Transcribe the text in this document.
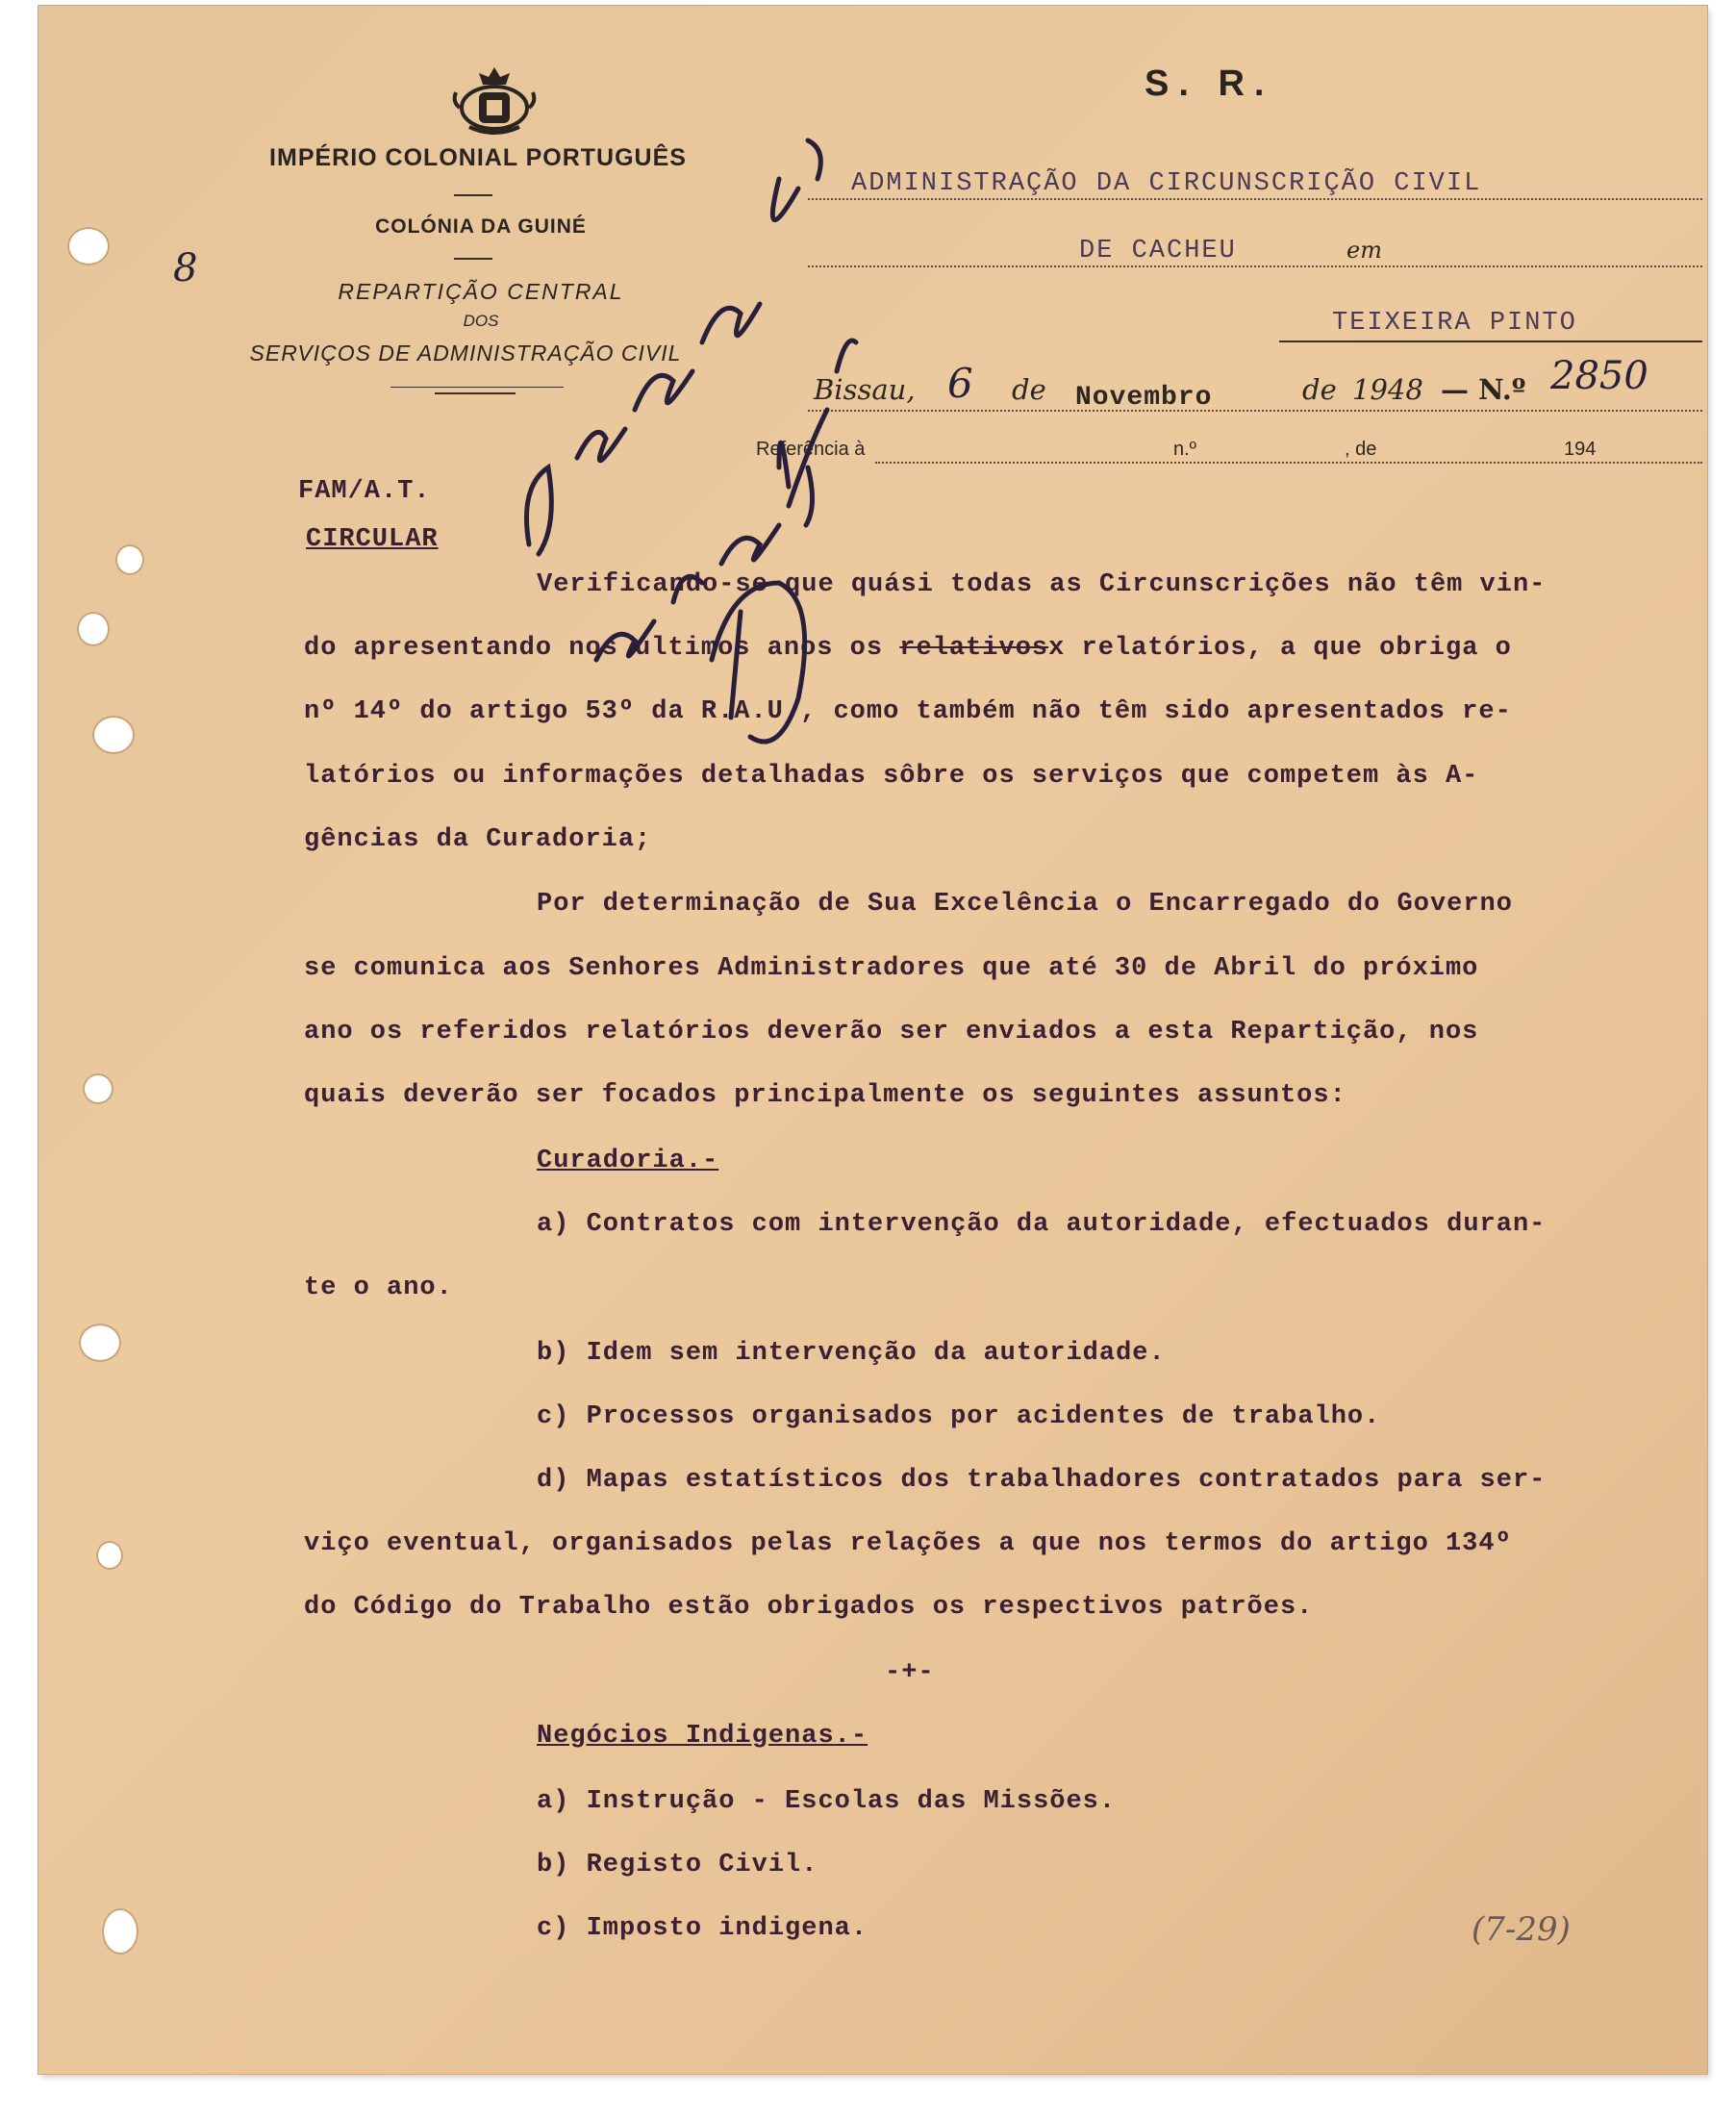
IMPÉRIO COLONIAL PORTUGUÊS
COLÓNIA DA GUINÉ
REPARTIÇÃO CENTRAL
DOS
SERVIÇOS DE ADMINISTRAÇÃO CIVIL
S. R.
ADMINISTRAÇÃO DA CIRCUNSCRIÇÃO CIVIL
DE CACHEU	em
TEIXEIRA PINTO
Bissau, 6 de Novembro	de 1948 — N.º 2850
Referência à	n.º	, de	194
FAM/A.T.
CIRCULAR
Verificando-se que quási todas as Circunscrições não têm vin-
do apresentando nos últimos anos os relativosx relatórios, a que obriga o
nº 14º do artigo 53º da R.A.U., como também não têm sido apresentados re-
latórios ou informações detalhadas sôbre os serviços que competem às A-
gências da Curadoria;
Por determinação de Sua Excelência o Encarregado do Governo
se comunica aos Senhores Administradores que até 30 de Abril do próximo
ano os referidos relatórios deverão ser enviados a esta Repartição, nos
quais deverão ser focados principalmente os seguintes assuntos:
Curadoria.-
a) Contratos com intervenção da autoridade, efectuados duran-
te o ano.
b) Idem sem intervenção da autoridade.
c) Processos organisados por acidentes de trabalho.
d) Mapas estatísticos dos trabalhadores contratados para ser-
viço eventual, organisados pelas relações a que nos termos do artigo 134º
do Código do Trabalho estão obrigados os respectivos patrões.
-+-
Negócios Indigenas.-
a) Instrução - Escolas das Missões.
b) Registo Civil.
c) Imposto indigena.
8
(7-29)
